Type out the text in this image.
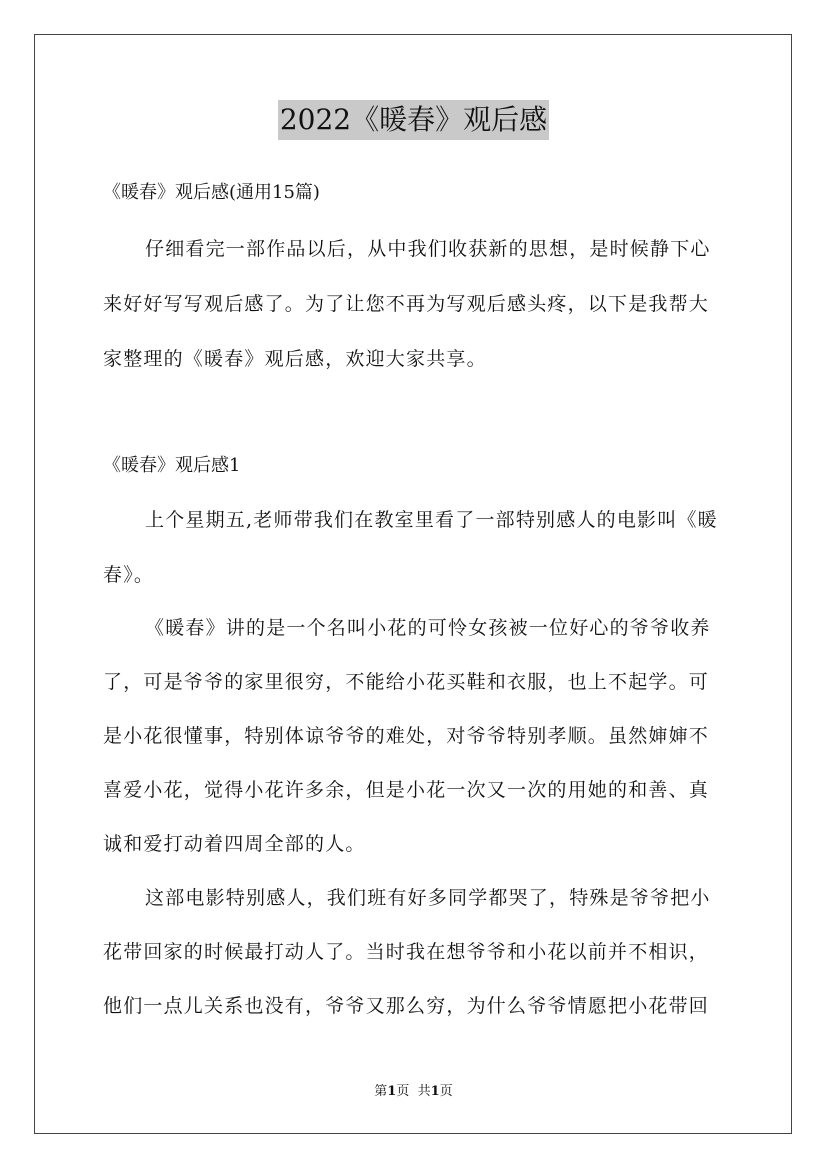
2022《暖春》观后感
《暖春》观后感(通用15篇)
仔细看完一部作品以后，从中我们收获新的思想，是时候静下心
来好好写写观后感了。为了让您不再为写观后感头疼，以下是我帮大
家整理的《暖春》观后感，欢迎大家共享。
《暖春》观后感1
上个星期五,老师带我们在教室里看了一部特别感人的电影叫《暖
春》。
《暖春》讲的是一个名叫小花的可怜女孩被一位好心的爷爷收养
了，可是爷爷的家里很穷，不能给小花买鞋和衣服，也上不起学。可
是小花很懂事，特别体谅爷爷的难处，对爷爷特别孝顺。虽然婶婶不
喜爱小花，觉得小花许多余，但是小花一次又一次的用她的和善、真
诚和爱打动着四周全部的人。
这部电影特别感人，我们班有好多同学都哭了，特殊是爷爷把小
花带回家的时候最打动人了。当时我在想爷爷和小花以前并不相识，
他们一点儿关系也没有，爷爷又那么穷，为什么爷爷情愿把小花带回
第1页 共1页
